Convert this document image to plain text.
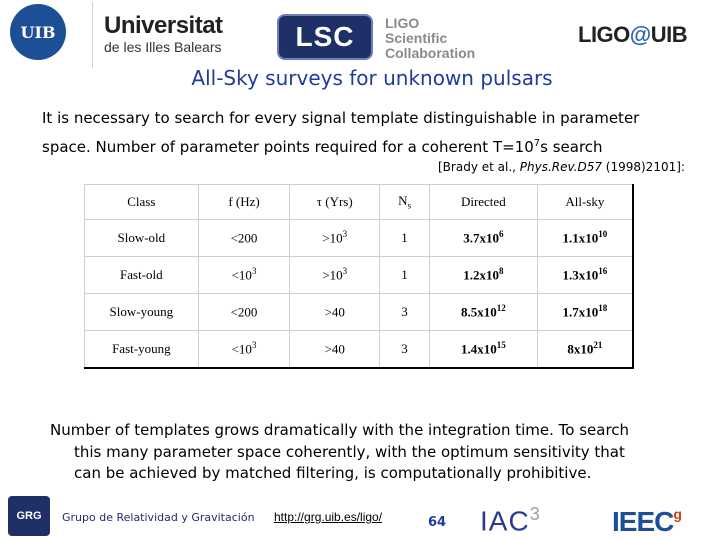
UIB Universitat
de les Illes Balears	LSC LIGO
Scientific
Collaboration
LIGO@UIB
All-Sky surveys for unknown pulsars
It is necessary to search for every signal template distinguishable in parameter
space. Number of parameter points required for a coherent $T=10^7s$ search
[Brady et al., Phys.Rev.D57 (1998)2101]:
Class	f (Hz)	τ (Yrs)	$N_s$	Directed	All-sky
Slow-old	<200	$>10^3$	1	$3.7x10^6$	$1.1x10^{10}$
Fast-old	$<10^3$	$>10^3$	1	$1.2x10^8$	$1.3x10^{16}$
Slow-young	<200	>40	3	$8.5x10^{12}$	$1.7x10^{18}$
Fast-young	$<10^3$	>40	3	$1.4x10^{15}$	$8x10^{21}$
Number of templates grows dramatically with the integration time. To search
this many parameter space coherently, with the optimum sensitivity that
can be achieved by matched filtering, is computationally prohibitive.
GRG Grupo de Relatividad y Gravitación http://grg.uib.es/ligo/	64 IAC$^3$	IEEC$^g$
